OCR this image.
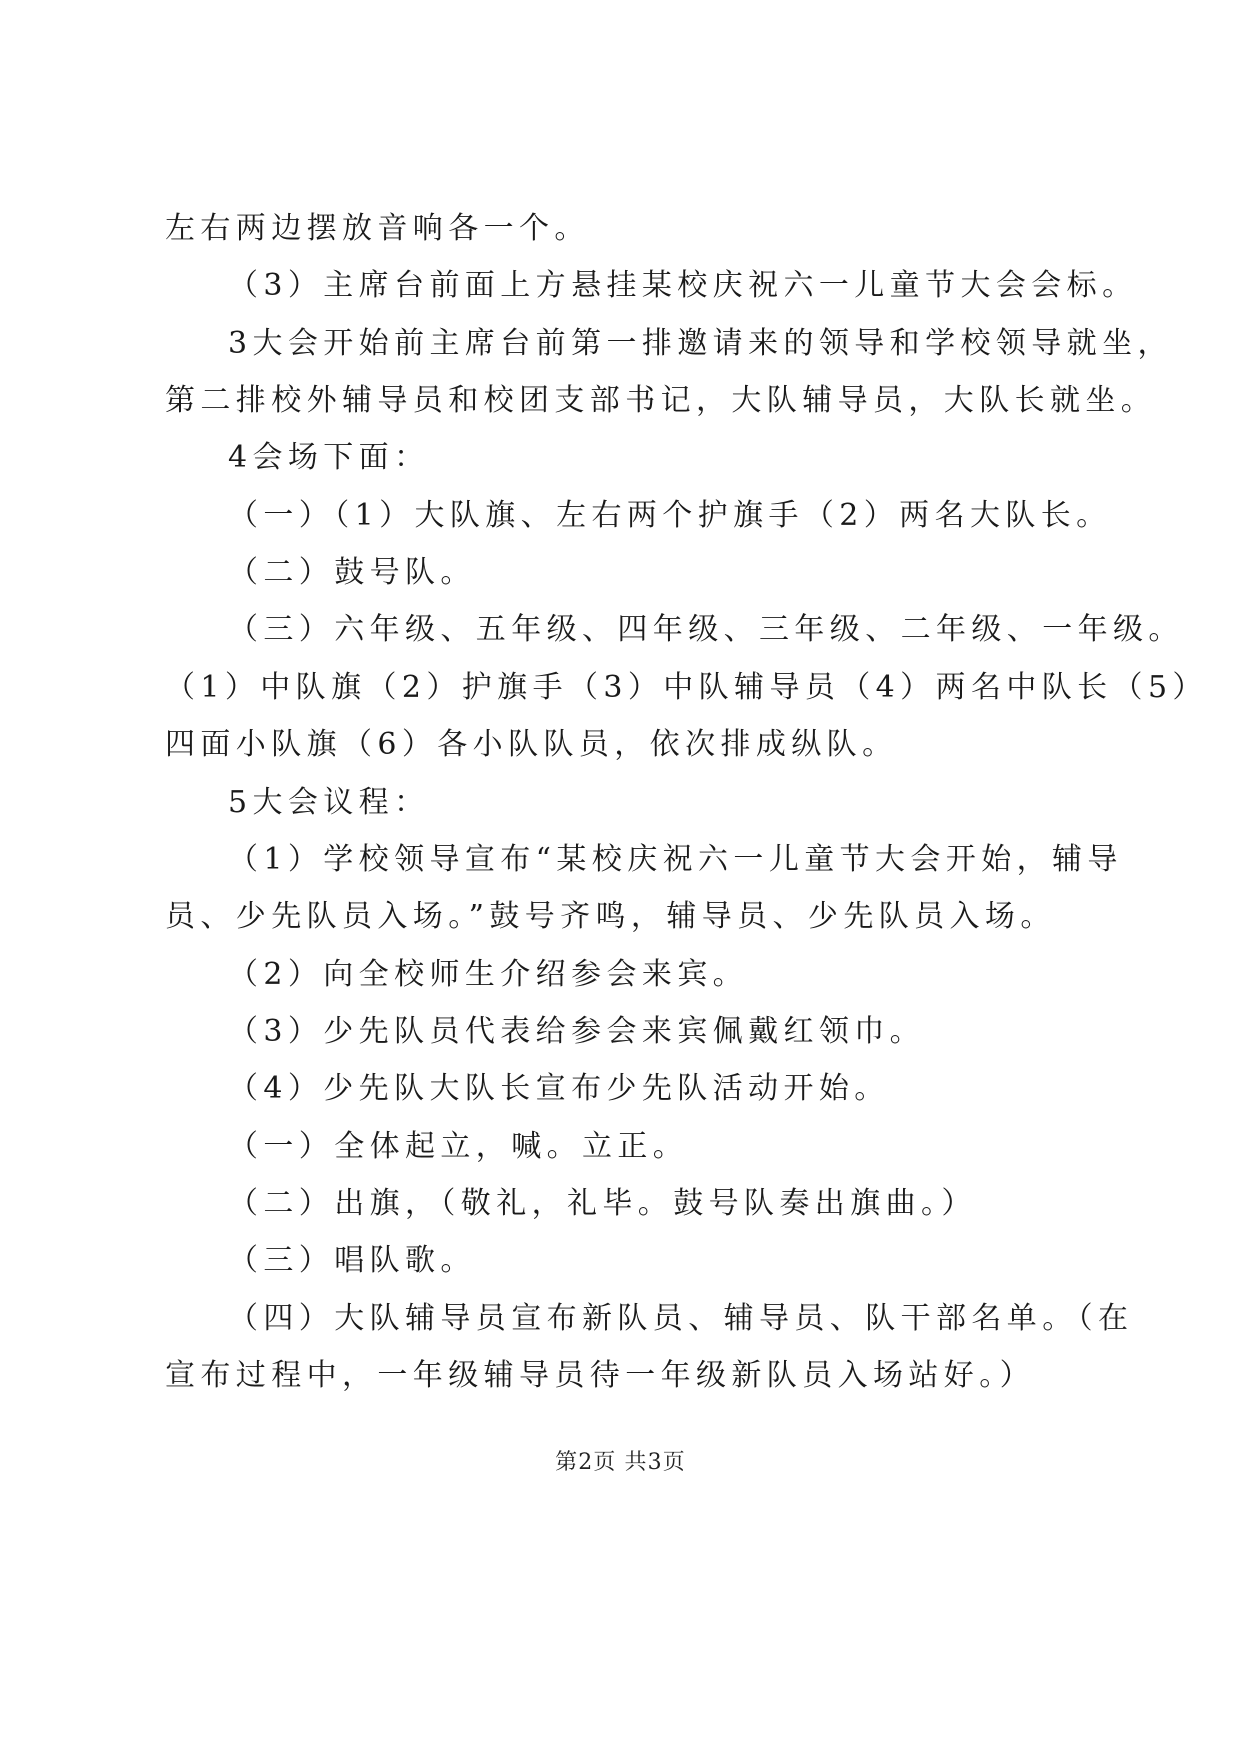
左右两边摆放音响各一个。
（3）主席台前面上方悬挂某校庆祝六一儿童节大会会标。
3大会开始前主席台前第一排邀请来的领导和学校领导就坐，
第二排校外辅导员和校团支部书记，大队辅导员，大队长就坐。
4会场下面：
（一）（1）大队旗、左右两个护旗手（2）两名大队长。
（二）鼓号队。
（三）六年级、五年级、四年级、三年级、二年级、一年级。
（1）中队旗（2）护旗手（3）中队辅导员（4）两名中队长（5）
四面小队旗（6）各小队队员，依次排成纵队。
5大会议程：
（1）学校领导宣布“某校庆祝六一儿童节大会开始，辅导
员、少先队员入场。”鼓号齐鸣，辅导员、少先队员入场。
（2）向全校师生介绍参会来宾。
（3）少先队员代表给参会来宾佩戴红领巾。
（4）少先队大队长宣布少先队活动开始。
（一）全体起立，喊。立正。
（二）出旗，（敬礼，礼毕。鼓号队奏出旗曲。）
（三）唱队歌。
（四）大队辅导员宣布新队员、辅导员、队干部名单。（在
宣布过程中，一年级辅导员待一年级新队员入场站好。）
第2页 共3页
